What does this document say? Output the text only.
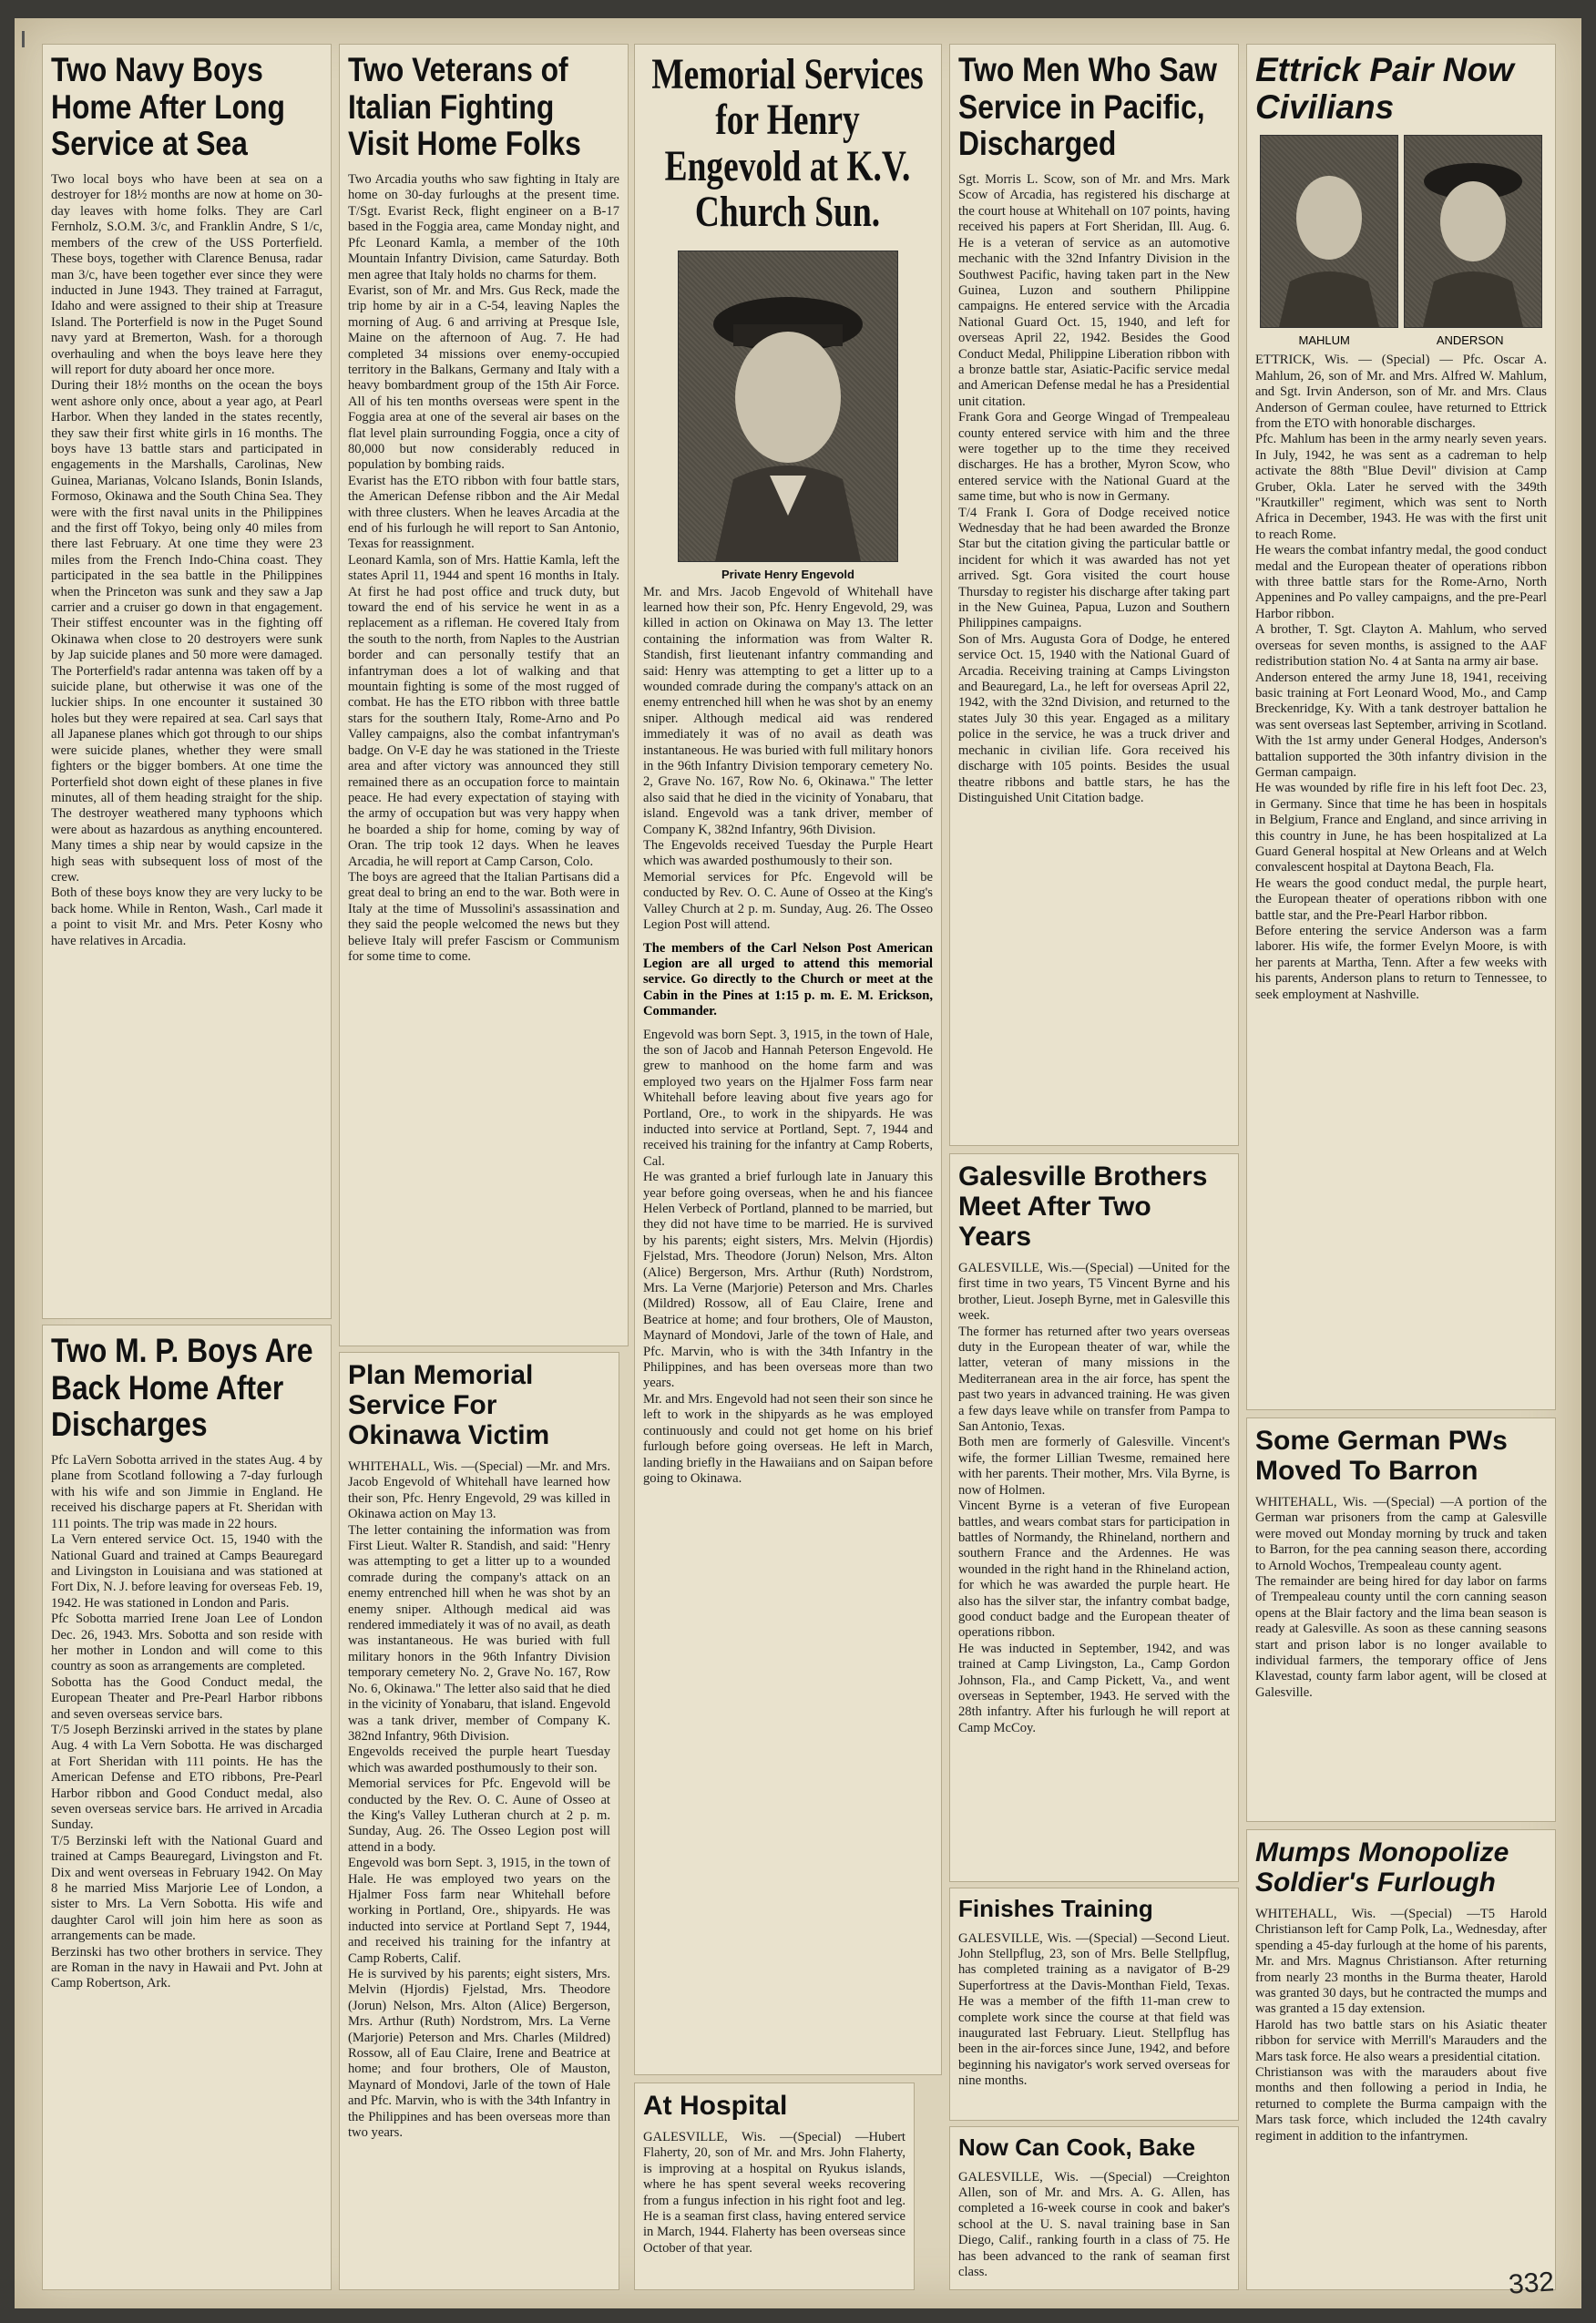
Two Navy Boys Home After Long Service at Sea

Two local boys who have been at sea on a destroyer for 18½ months are now at home on 30-day leaves with home folks. They are Carl Fernholz, S.O.M. 3/c, and Franklin Andre, S 1/c, members of the crew of the USS Porterfield. These boys, together with Clarence Benusa, radar man 3/c, have been together ever since they were inducted in June 1943. They trained at Farragut, Idaho and were assigned to their ship at Treasure Island. The Porterfield is now in the Puget Sound navy yard at Bremerton, Wash. for a thorough overhauling and when the boys leave here they will report for duty aboard her once more.
During their 18½ months on the ocean the boys went ashore only once, about a year ago, at Pearl Harbor. When they landed in the states recently, they saw their first white girls in 16 months. The boys have 13 battle stars and participated in engagements in the Marshalls, Carolinas, New Guinea, Marianas, Volcano Islands, Bonin Islands, Formoso, Okinawa and the South China Sea. They were with the first naval units in the Philippines and the first off Tokyo, being only 40 miles from there last February. At one time they were 23 miles from the French Indo-China coast. They participated in the sea battle in the Philippines when the Princeton was sunk and they saw a Jap carrier and a cruiser go down in that engagement. Their stiffest encounter was in the fighting off Okinawa when close to 20 destroyers were sunk by Jap suicide planes and 50 more were damaged. The Porterfield's radar antenna was taken off by a suicide plane, but otherwise it was one of the luckier ships. In one encounter it sustained 30 holes but they were repaired at sea. Carl says that all Japanese planes which got through to our ships were suicide planes, whether they were small fighters or the bigger bombers. At one time the Porterfield shot down eight of these planes in five minutes, all of them heading straight for the ship. The destroyer weathered many typhoons which were about as hazardous as anything encountered. Many times a ship near by would capsize in the high seas with subsequent loss of most of the crew.
Both of these boys know they are very lucky to be back home. While in Renton, Wash., Carl made it a point to visit Mr. and Mrs. Peter Kosny who have relatives in Arcadia.

Two M. P. Boys Are Back Home After Discharges

Pfc LaVern Sobotta arrived in the states Aug. 4 by plane from Scotland following a 7-day furlough with his wife and son Jimmie in England. He received his discharge papers at Ft. Sheridan with 111 points. The trip was made in 22 hours.
La Vern entered service Oct. 15, 1940 with the National Guard and trained at Camps Beauregard and Livingston in Louisiana and was stationed at Fort Dix, N. J. before leaving for overseas Feb. 19, 1942. He was stationed in London and Paris.
Pfc Sobotta married Irene Joan Lee of London Dec. 26, 1943. Mrs. Sobotta and son reside with her mother in London and will come to this country as soon as arrangements are completed.
Sobotta has the Good Conduct medal, the European Theater and Pre-Pearl Harbor ribbons and seven overseas service bars.
T/5 Joseph Berzinski arrived in the states by plane Aug. 4 with La Vern Sobotta. He was discharged at Fort Sheridan with 111 points. He has the American Defense and ETO ribbons, Pre-Pearl Harbor ribbon and Good Conduct medal, also seven overseas service bars. He arrived in Arcadia Sunday.
T/5 Berzinski left with the National Guard and trained at Camps Beauregard, Livingston and Ft. Dix and went overseas in February 1942. On May 8 he married Miss Marjorie Lee of London, a sister to Mrs. La Vern Sobotta. His wife and daughter Carol will join him here as soon as arrangements can be made.
Berzinski has two other brothers in service. They are Roman in the navy in Hawaii and Pvt. John at Camp Robertson, Ark.

Two Veterans of Italian Fighting Visit Home Folks

Two Arcadia youths who saw fighting in Italy are home on 30-day furloughs at the present time. T/Sgt. Evarist Reck, flight engineer on a B-17 based in the Foggia area, came Monday night, and Pfc Leonard Kamla, a member of the 10th Mountain Infantry Division, came Saturday. Both men agree that Italy holds no charms for them.
Evarist, son of Mr. and Mrs. Gus Reck, made the trip home by air in a C-54, leaving Naples the morning of Aug. 6 and arriving at Presque Isle, Maine on the afternoon of Aug. 7. He had completed 34 missions over enemy-occupied territory in the Balkans, Germany and Italy with a heavy bombardment group of the 15th Air Force. All of his ten months overseas were spent in the Foggia area at one of the several air bases on the flat level plain surrounding Foggia, once a city of 80,000 but now considerably reduced in population by bombing raids.
Evarist has the ETO ribbon with four battle stars, the American Defense ribbon and the Air Medal with three clusters. When he leaves Arcadia at the end of his furlough he will report to San Antonio, Texas for reassignment.
Leonard Kamla, son of Mrs. Hattie Kamla, left the states April 11, 1944 and spent 16 months in Italy. At first he had post office and truck duty, but toward the end of his service he went in as a replacement as a rifleman. He covered Italy from the south to the north, from Naples to the Austrian border and can personally testify that an infantryman does a lot of walking and that mountain fighting is some of the most rugged of combat. He has the ETO ribbon with three battle stars for the southern Italy, Rome-Arno and Po Valley campaigns, also the combat infantryman's badge. On V-E day he was stationed in the Trieste area and after victory was announced they still remained there as an occupation force to maintain peace. He had every expectation of staying with the army of occupation but was very happy when he boarded a ship for home, coming by way of Oran. The trip took 12 days. When he leaves Arcadia, he will report at Camp Carson, Colo.
The boys are agreed that the Italian Partisans did a great deal to bring an end to the war. Both were in Italy at the time of Mussolini's assassination and they said the people welcomed the news but they believe Italy will prefer Fascism or Communism for some time to come.

Plan Memorial Service For Okinawa Victim

WHITEHALL, Wis. —(Special) —Mr. and Mrs. Jacob Engevold of Whitehall have learned how their son, Pfc. Henry Engevold, 29 was killed in Okinawa action on May 13.
The letter containing the information was from First Lieut. Walter R. Standish, and said: "Henry was attempting to get a litter up to a wounded comrade during the company's attack on an enemy entrenched hill when he was shot by an enemy sniper. Although medical aid was rendered immediately it was of no avail, as death was instantaneous. He was buried with full military honors in the 96th Infantry Division temporary cemetery No. 2, Grave No. 167, Row No. 6, Okinawa." The letter also said that he died in the vicinity of Yonabaru, that island. Engevold was a tank driver, member of Company K. 382nd Infantry, 96th Division.
Engevolds received the purple heart Tuesday which was awarded posthumously to their son.
Memorial services for Pfc. Engevold will be conducted by the Rev. O. C. Aune of Osseo at the King's Valley Lutheran church at 2 p. m. Sunday, Aug. 26. The Osseo Legion post will attend in a body.
Engevold was born Sept. 3, 1915, in the town of Hale. He was employed two years on the Hjalmer Foss farm near Whitehall before working in Portland, Ore., shipyards. He was inducted into service at Portland Sept 7, 1944, and received his training for the infantry at Camp Roberts, Calif.
He is survived by his parents; eight sisters, Mrs. Melvin (Hjordis) Fjelstad, Mrs. Theodore (Jorun) Nelson, Mrs. Alton (Alice) Bergerson, Mrs. Arthur (Ruth) Nordstrom, Mrs. La Verne (Marjorie) Peterson and Mrs. Charles (Mildred) Rossow, all of Eau Claire, Irene and Beatrice at home; and four brothers, Ole of Mauston, Maynard of Mondovi, Jarle of the town of Hale and Pfc. Marvin, who is with the 34th Infantry in the Philippines and has been overseas more than two years.

Memorial Services for Henry Engevold at K.V. Church Sun.
Private Henry Engevold

Mr. and Mrs. Jacob Engevold of Whitehall have learned how their son, Pfc. Henry Engevold, 29, was killed in action on Okinawa on May 13. The letter containing the information was from Walter R. Standish, first lieutenant infantry commanding and said: Henry was attempting to get a litter up to a wounded comrade during the company's attack on an enemy entrenched hill when he was shot by an enemy sniper. Although medical aid was rendered immediately it was of no avail as death was instantaneous. He was buried with full military honors in the 96th Infantry Division temporary cemetery No. 2, Grave No. 167, Row No. 6, Okinawa." The letter also said that he died in the vicinity of Yonabaru, that island. Engevold was a tank driver, member of Company K, 382nd Infantry, 96th Division.
The Engevolds received Tuesday the Purple Heart which was awarded posthumously to their son.
Memorial services for Pfc. Engevold will be conducted by Rev. O. C. Aune of Osseo at the King's Valley Church at 2 p. m. Sunday, Aug. 26. The Osseo Legion Post will attend.

The members of the Carl Nelson Post American Legion are all urged to attend this memorial service. Go directly to the Church or meet at the Cabin in the Pines at 1:15 p. m. E. M. Erickson, Commander.

Engevold was born Sept. 3, 1915, in the town of Hale, the son of Jacob and Hannah Peterson Engevold. He grew to manhood on the home farm and was employed two years on the Hjalmer Foss farm near Whitehall before leaving about five years ago for Portland, Ore., to work in the shipyards. He was inducted into service at Portland, Sept. 7, 1944 and received his training for the infantry at Camp Roberts, Cal.
He was granted a brief furlough late in January this year before going overseas, when he and his fiancee Helen Verbeck of Portland, planned to be married, but they did not have time to be married. He is survived by his parents; eight sisters, Mrs. Melvin (Hjordis) Fjelstad, Mrs. Theodore (Jorun) Nelson, Mrs. Alton (Alice) Bergerson, Mrs. Arthur (Ruth) Nordstrom, Mrs. La Verne (Marjorie) Peterson and Mrs. Charles (Mildred) Rossow, all of Eau Claire, Irene and Beatrice at home; and four brothers, Ole of Mauston, Maynard of Mondovi, Jarle of the town of Hale, and Pfc. Marvin, who is with the 34th Infantry in the Philippines, and has been overseas more than two years.
Mr. and Mrs. Engevold had not seen their son since he left to work in the shipyards as he was employed continuously and could not get home on his brief furlough before going overseas. He left in March, landing briefly in the Hawaiians and on Saipan before going to Okinawa.

At Hospital

GALESVILLE, Wis. —(Special) —Hubert Flaherty, 20, son of Mr. and Mrs. John Flaherty, is improving at a hospital on Ryukus islands, where he has spent several weeks recovering from a fungus infection in his right foot and leg. He is a seaman first class, having entered service in March, 1944. Flaherty has been overseas since October of that year.

Two Men Who Saw Service in Pacific, Discharged

Sgt. Morris L. Scow, son of Mr. and Mrs. Mark Scow of Arcadia, has registered his discharge at the court house at Whitehall on 107 points, having received his papers at Fort Sheridan, Ill. Aug. 6. He is a veteran of service as an automotive mechanic with the 32nd Infantry Division in the Southwest Pacific, having taken part in the New Guinea, Luzon and southern Philippine campaigns. He entered service with the Arcadia National Guard Oct. 15, 1940, and left for overseas April 22, 1942. Besides the Good Conduct Medal, Philippine Liberation ribbon with a bronze battle star, Asiatic-Pacific service medal and American Defense medal he has a Presidential unit citation.
Frank Gora and George Wingad of Trempealeau county entered service with him and the three were together up to the time they received discharges. He has a brother, Myron Scow, who entered service with the National Guard at the same time, but who is now in Germany.
T/4 Frank I. Gora of Dodge received notice Wednesday that he had been awarded the Bronze Star but the citation giving the particular battle or incident for which it was awarded has not yet arrived. Sgt. Gora visited the court house Thursday to register his discharge after taking part in the New Guinea, Papua, Luzon and Southern Philippines campaigns.
Son of Mrs. Augusta Gora of Dodge, he entered service Oct. 15, 1940 with the National Guard of Arcadia. Receiving training at Camps Livingston and Beauregard, La., he left for overseas April 22, 1942, with the 32nd Division, and returned to the states July 30 this year. Engaged as a military police in the service, he was a truck driver and mechanic in civilian life. Gora received his discharge with 105 points. Besides the usual theatre ribbons and battle stars, he has the Distinguished Unit Citation badge.

Galesville Brothers Meet After Two Years

GALESVILLE, Wis.—(Special) —United for the first time in two years, T5 Vincent Byrne and his brother, Lieut. Joseph Byrne, met in Galesville this week.
The former has returned after two years overseas duty in the European theater of war, while the latter, veteran of many missions in the Mediterranean area in the air force, has spent the past two years in advanced training. He was given a few days leave while on transfer from Pampa to San Antonio, Texas.
Both men are formerly of Galesville. Vincent's wife, the former Lillian Twesme, remained here with her parents. Their mother, Mrs. Vila Byrne, is now of Holmen.
Vincent Byrne is a veteran of five European battles, and wears combat stars for participation in battles of Normandy, the Rhineland, northern and southern France and the Ardennes. He was wounded in the right hand in the Rhineland action, for which he was awarded the purple heart. He also has the silver star, the infantry combat badge, good conduct badge and the European theater of operations ribbon.
He was inducted in September, 1942, and was trained at Camp Livingston, La., Camp Gordon Johnson, Fla., and Camp Pickett, Va., and went overseas in September, 1943. He served with the 28th infantry. After his furlough he will report at Camp McCoy.

Finishes Training

GALESVILLE, Wis. —(Special) —Second Lieut. John Stellpflug, 23, son of Mrs. Belle Stellpflug, has completed training as a navigator of B-29 Superfortress at the Davis-Monthan Field, Texas. He was a member of the fifth 11-man crew to complete work since the course at that field was inaugurated last February. Lieut. Stellpflug has been in the air-forces since June, 1942, and before beginning his navigator's work served overseas for nine months.

Now Can Cook, Bake

GALESVILLE, Wis. —(Special) —Creighton Allen, son of Mr. and Mrs. A. G. Allen, has completed a 16-week course in cook and baker's school at the U. S. naval training base in San Diego, Calif., ranking fourth in a class of 75. He has been advanced to the rank of seaman first class.

Ettrick Pair Now Civilians
MAHLUM	ANDERSON

ETTRICK, Wis. — (Special) — Pfc. Oscar A. Mahlum, 26, son of Mr. and Mrs. Alfred W. Mahlum, and Sgt. Irvin Anderson, son of Mr. and Mrs. Claus Anderson of German coulee, have returned to Ettrick from the ETO with honorable discharges.
Pfc. Mahlum has been in the army nearly seven years. In July, 1942, he was sent as a cadreman to help activate the 88th "Blue Devil" division at Camp Gruber, Okla. Later he served with the 349th "Krautkiller" regiment, which was sent to North Africa in December, 1943. He was with the first unit to reach Rome.
He wears the combat infantry medal, the good conduct medal and the European theater of operations ribbon with three battle stars for the Rome-Arno, North Appenines and Po valley campaigns, and the pre-Pearl Harbor ribbon.
A brother, T. Sgt. Clayton A. Mahlum, who served overseas for seven months, is assigned to the AAF redistribution station No. 4 at Santa na army air base.
Anderson entered the army June 18, 1941, receiving basic training at Fort Leonard Wood, Mo., and Camp Breckenridge, Ky. With a tank destroyer battalion he was sent overseas last September, arriving in Scotland. With the 1st army under General Hodges, Anderson's battalion supported the 30th infantry division in the German campaign.
He was wounded by rifle fire in his left foot Dec. 23, in Germany. Since that time he has been in hospitals in Belgium, France and England, and since arriving in this country in June, he has been hospitalized at La Guard General hospital at New Orleans and at Welch convalescent hospital at Daytona Beach, Fla.
He wears the good conduct medal, the purple heart, the European theater of operations ribbon with one battle star, and the Pre-Pearl Harbor ribbon.
Before entering the service Anderson was a farm laborer. His wife, the former Evelyn Moore, is with her parents at Martha, Tenn. After a few weeks with his parents, Anderson plans to return to Tennessee, to seek employment at Nashville.

Some German PWs Moved To Barron

WHITEHALL, Wis. —(Special) —A portion of the German war prisoners from the camp at Galesville were moved out Monday morning by truck and taken to Barron, for the pea canning season there, according to Arnold Wochos, Trempealeau county agent.
The remainder are being hired for day labor on farms of Trempealeau county until the corn canning season opens at the Blair factory and the lima bean season is ready at Galesville. As soon as these canning seasons start and prison labor is no longer available to individual farmers, the temporary office of Jens Klavestad, county farm labor agent, will be closed at Galesville.

Mumps Monopolize Soldier's Furlough

WHITEHALL, Wis. —(Special) —T5 Harold Christianson left for Camp Polk, La., Wednesday, after spending a 45-day furlough at the home of his parents, Mr. and Mrs. Magnus Christianson. After returning from nearly 23 months in the Burma theater, Harold was granted 30 days, but he contracted the mumps and was granted a 15 day extension.
Harold has two battle stars on his Asiatic theater ribbon for service with Merrill's Marauders and the Mars task force. He also wears a presidential citation.
Christianson was with the marauders about five months and then following a period in India, he returned to complete the Burma campaign with the Mars task force, which included the 124th cavalry regiment in addition to the infantrymen.

332
